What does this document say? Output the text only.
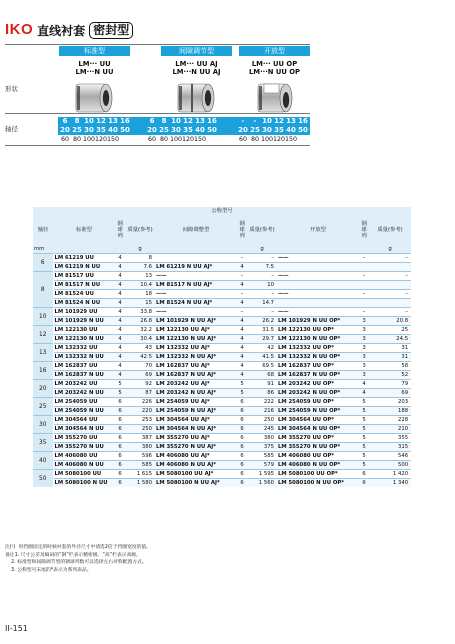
IKO 直线衬套 密封型
形状
轴径
标准型
LM··· UU
LM···N UU
间隙调节型
LM··· UU AJ
LM···N UU AJ
开放型
LM··· UU OP
LM···N UU OP
6	8 10 12 13 16
20 25 30 35 40 50
60 80 100 120 150
6	8 10 12 13 16
20 25 30 35 40 50
60 80 100 120 150
-	- 10 12 13 16
20 25 30 35 40 50
60 80 100 120 150
公称型号									
轴径	标准型	钢球列	质量(参考)	间隙调整型	钢球列	质量(参考)	开放型	钢球列	质量(参考)
mm			g			g			g
6	LM 61219 UU	4	8		–	–	——	–	–
	LM 61219 N UU	4	7.6	LM 61219 N UU AJ*	4	7.5			
8	LM 81517 UU	4	13	——	–	–	——	–	–
	LM 81517 N UU	4	10.4	LM 81517 N UU AJ*	4	10			
	LM 81524 UU	4	18	——	–	–	——	–	–
	LM 81524 N UU	4	15	LM 81524 N UU AJ*	4	14.7			
10	LM 101929 UU	4	33.8	——	–	–	——	–	–
	LM 101929 N UU	4	26.8	LM 101929 N UU AJ*	4	26.2	LM 101929 N UU OP*	3	20.8
12	LM 122130 UU	4	32.2	LM 122130 UU AJ*	4	31.5	LM 122130 UU OP*	3	25
	LM 122130 N UU	4	30.4	LM 122130 N UU AJ*	4	29.7	LM 122130 N UU OP*	3	24.5
13	LM 132332 UU	4	43	LM 132332 UU AJ*	4	42	LM 132332 UU OP*	3	31
	LM 132332 N UU	4	42.5	LM 132332 N UU AJ*	4	41.5	LM 132332 N UU OP*	3	31
16	LM 162837 UU	4	70	LM 162837 UU AJ*	4	69.5	LM 162837 UU OP*	3	58
	LM 162837 N UU	4	69	LM 162837 N UU AJ*	4	68	LM 162837 N UU OP*	3	52
20	LM 203242 UU	5	92	LM 203242 UU AJ*	5	91	LM 203242 UU OP*	4	79
	LM 203242 N UU	5	87	LM 203242 N UU AJ*	5	86	LM 203242 N UU OP*	4	69
25	LM 254059 UU	6	226	LM 254059 UU AJ*	6	222	LM 254059 UU OP*	5	203
	LM 254059 N UU	6	220	LM 254059 N UU AJ*	6	216	LM 254059 N UU OP*	5	188
30	LM 304564 UU	6	253	LM 304564 UU AJ*	6	250	LM 304564 UU OP*	5	228
	LM 304564 N UU	6	250	LM 304564 N UU AJ*	6	245	LM 304564 N UU OP*	5	210
35	LM 355270 UU	6	387	LM 355270 UU AJ*	6	380	LM 355270 UU OP*	5	355
	LM 355270 N UU	6	380	LM 355270 N UU AJ*	6	375	LM 355270 N UU OP*	5	315
40	LM 406080 UU	6	596	LM 406080 UU AJ*	6	585	LM 406080 UU OP*	5	546
	LM 406080 N UU	6	585	LM 406080 N UU AJ*	6	579	LM 406080 N UU OP*	5	500
50	LM 5080100 UU	6	1 615	LM 5080100 UU AJ*	6	1 595	LM 5080100 UU OP*	6	1 420
	LM 5080100 N UU	6	1 580	LM 5080100 N UU AJ*	6	1 560	LM 5080100 N UU OP*	6	1 340
注(¹)  用挡圈固定的时候衬套的外径尺寸中请选2倍于挡圈宽度的值。
备注1. 尺寸公差及编码的“钢”栏表示精密级、“高”栏表示高级。
2. 标准型和间隙调节型的钢球列数可以选择左右对称配置方式。
3. 公称型号末尾的*表示为系列表品。
II-151
